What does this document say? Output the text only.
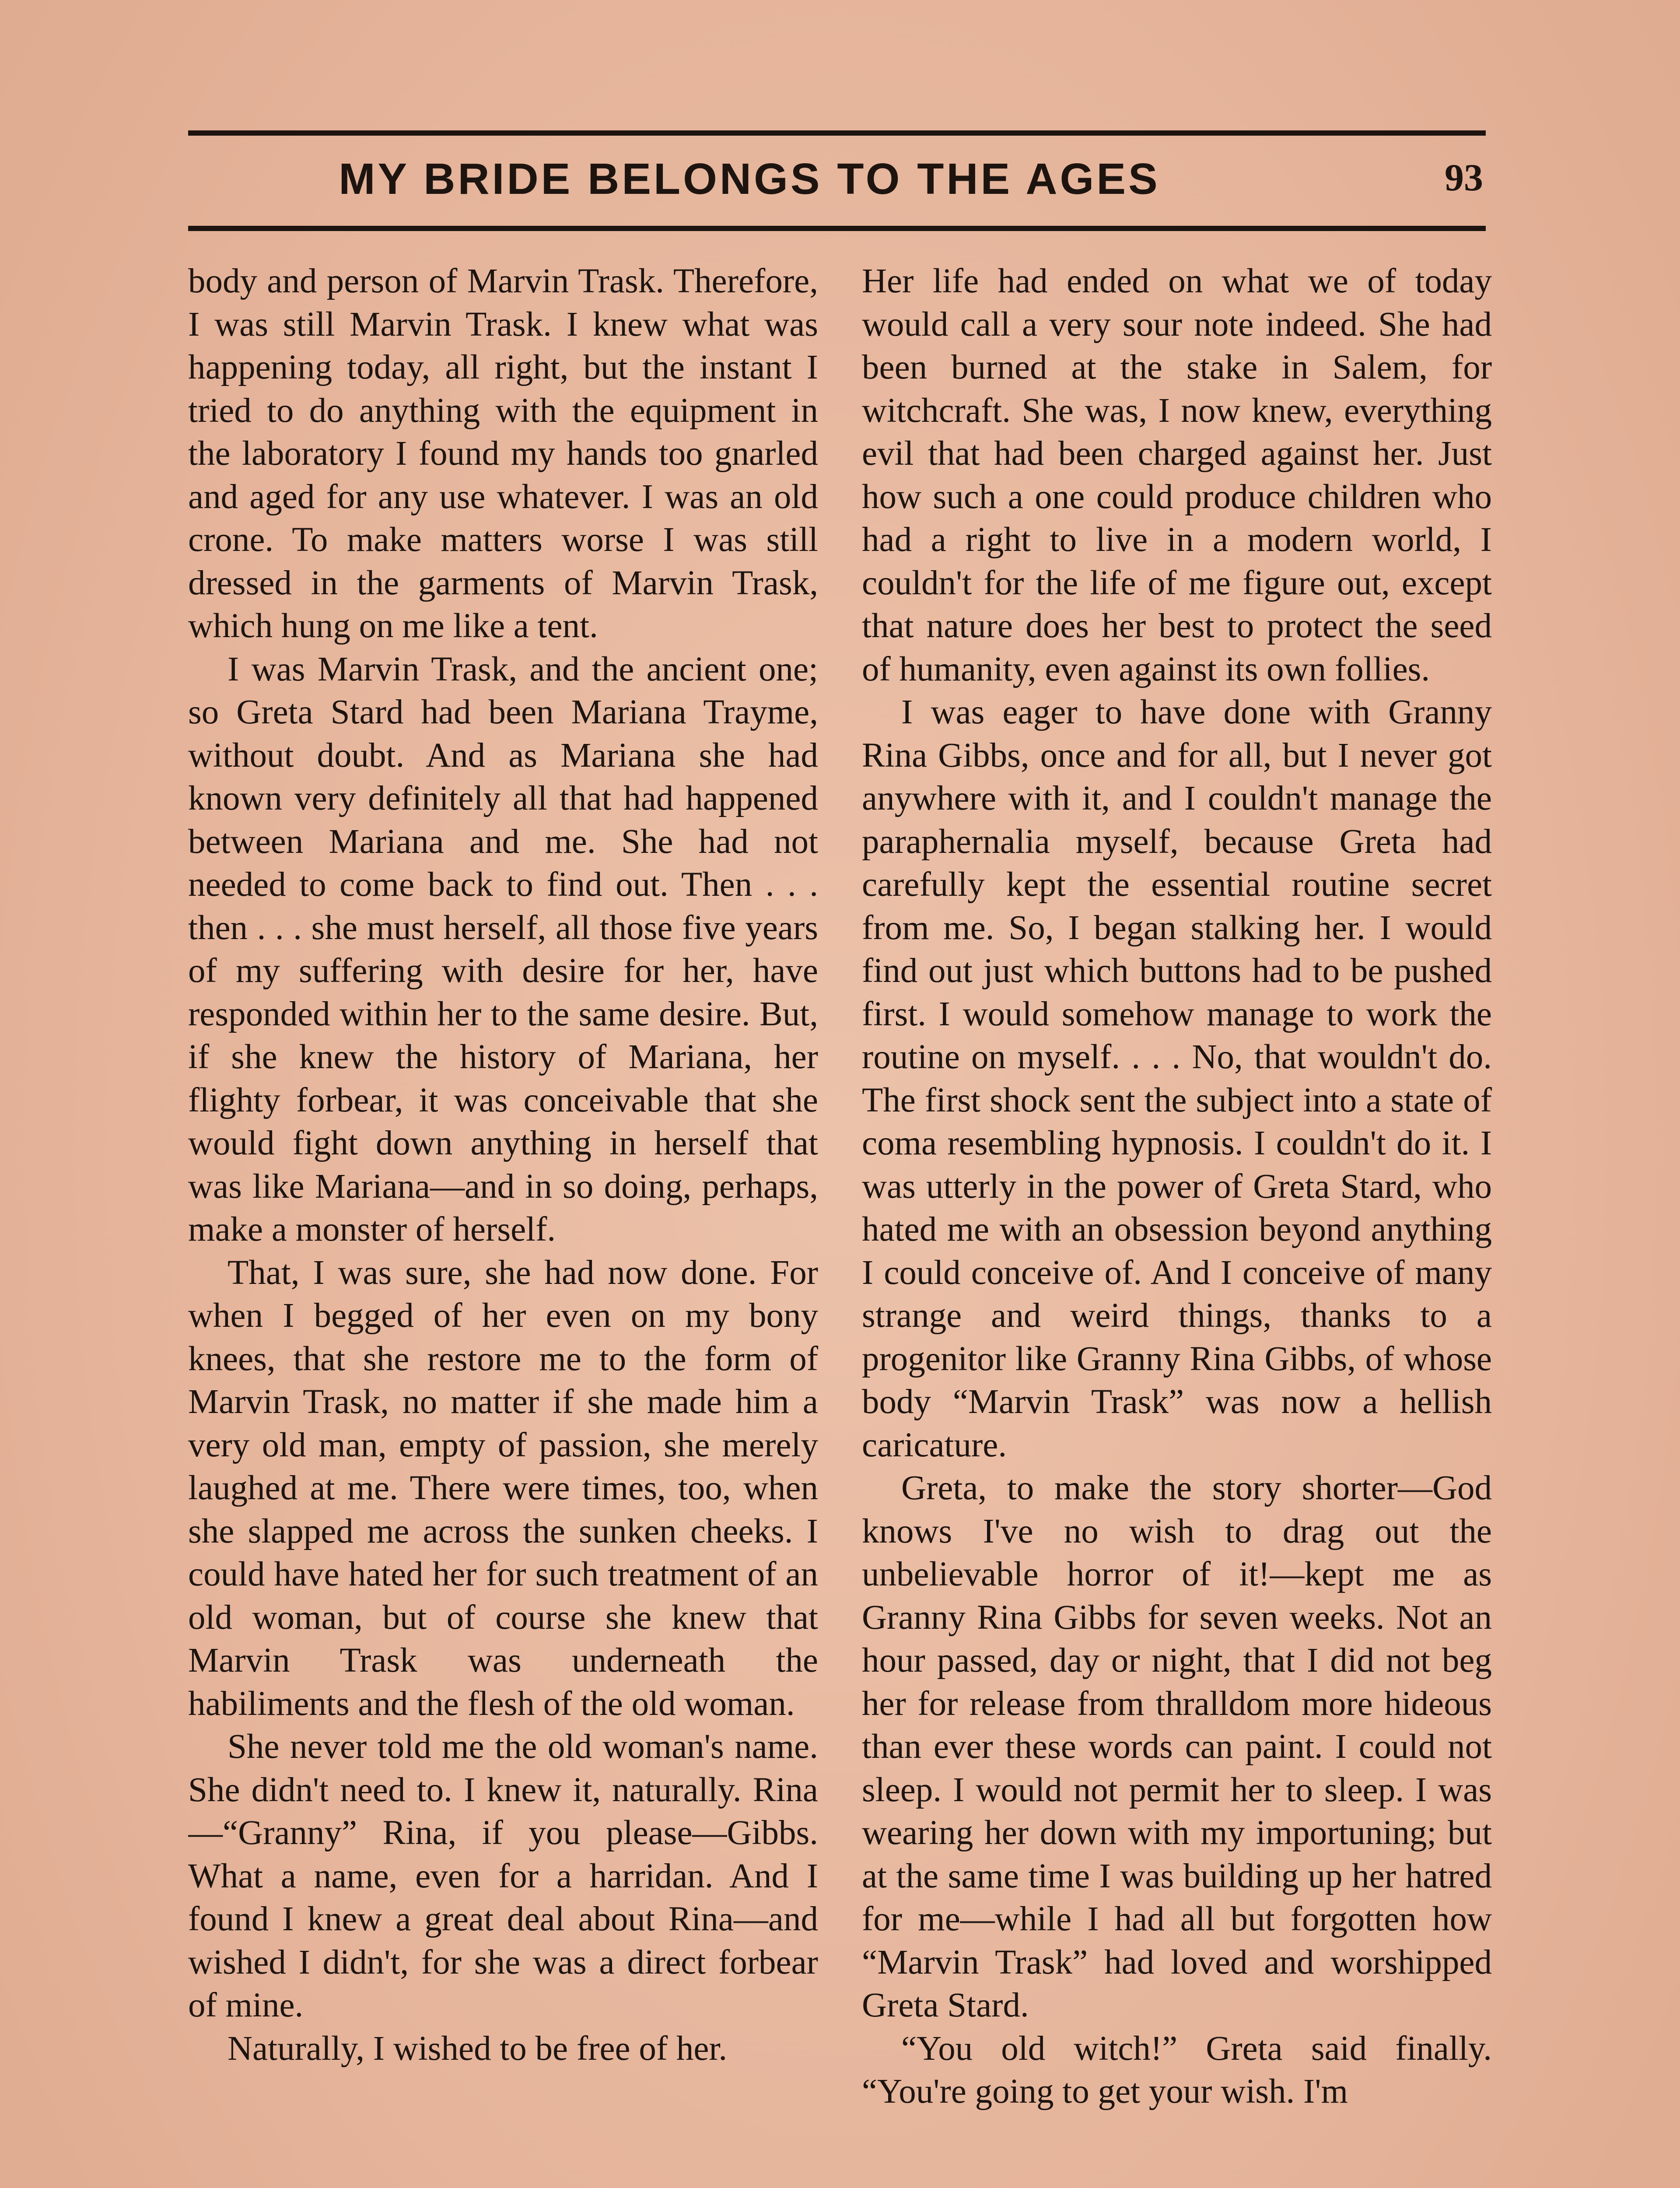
MY BRIDE BELONGS TO THE AGES	93

body and person of Marvin Trask. Therefore, I was still Marvin Trask. I knew what was happening today, all right, but the instant I tried to do anything with the equipment in the laboratory I found my hands too gnarled and aged for any use whatever. I was an old crone. To make matters worse I was still dressed in the garments of Marvin Trask, which hung on me like a tent.

I was Marvin Trask, and the ancient one; so Greta Stard had been Mariana Trayme, without doubt. And as Mariana she had known very definitely all that had happened between Mariana and me. She had not needed to come back to find out. Then . . . then . . . she must herself, all those five years of my suffering with desire for her, have responded within her to the same desire. But, if she knew the history of Mariana, her flighty forbear, it was conceivable that she would fight down anything in herself that was like Mariana—and in so doing, perhaps, make a monster of herself.

That, I was sure, she had now done. For when I begged of her even on my bony knees, that she restore me to the form of Marvin Trask, no matter if she made him a very old man, empty of passion, she merely laughed at me. There were times, too, when she slapped me across the sunken cheeks. I could have hated her for such treatment of an old woman, but of course she knew that Marvin Trask was underneath the habiliments and the flesh of the old woman.

She never told me the old woman's name. She didn't need to. I knew it, naturally. Rina—“Granny” Rina, if you please—Gibbs. What a name, even for a harridan. And I found I knew a great deal about Rina—and wished I didn't, for she was a direct forbear of mine.

Naturally, I wished to be free of her.

Her life had ended on what we of today would call a very sour note indeed. She had been burned at the stake in Salem, for witchcraft. She was, I now knew, everything evil that had been charged against her. Just how such a one could produce children who had a right to live in a modern world, I couldn't for the life of me figure out, except that nature does her best to protect the seed of humanity, even against its own follies.

I was eager to have done with Granny Rina Gibbs, once and for all, but I never got anywhere with it, and I couldn't manage the paraphernalia myself, because Greta had carefully kept the essential routine secret from me. So, I began stalking her. I would find out just which buttons had to be pushed first. I would somehow manage to work the routine on myself. . . . No, that wouldn't do. The first shock sent the subject into a state of coma resembling hypnosis. I couldn't do it. I was utterly in the power of Greta Stard, who hated me with an obsession beyond anything I could conceive of. And I conceive of many strange and weird things, thanks to a progenitor like Granny Rina Gibbs, of whose body “Marvin Trask” was now a hellish caricature.

Greta, to make the story shorter—God knows I've no wish to drag out the unbelievable horror of it!—kept me as Granny Rina Gibbs for seven weeks. Not an hour passed, day or night, that I did not beg her for release from thralldom more hideous than ever these words can paint. I could not sleep. I would not permit her to sleep. I was wearing her down with my importuning; but at the same time I was building up her hatred for me—while I had all but forgotten how “Marvin Trask” had loved and worshipped Greta Stard.

“You old witch!” Greta said finally. “You're going to get your wish. I'm
